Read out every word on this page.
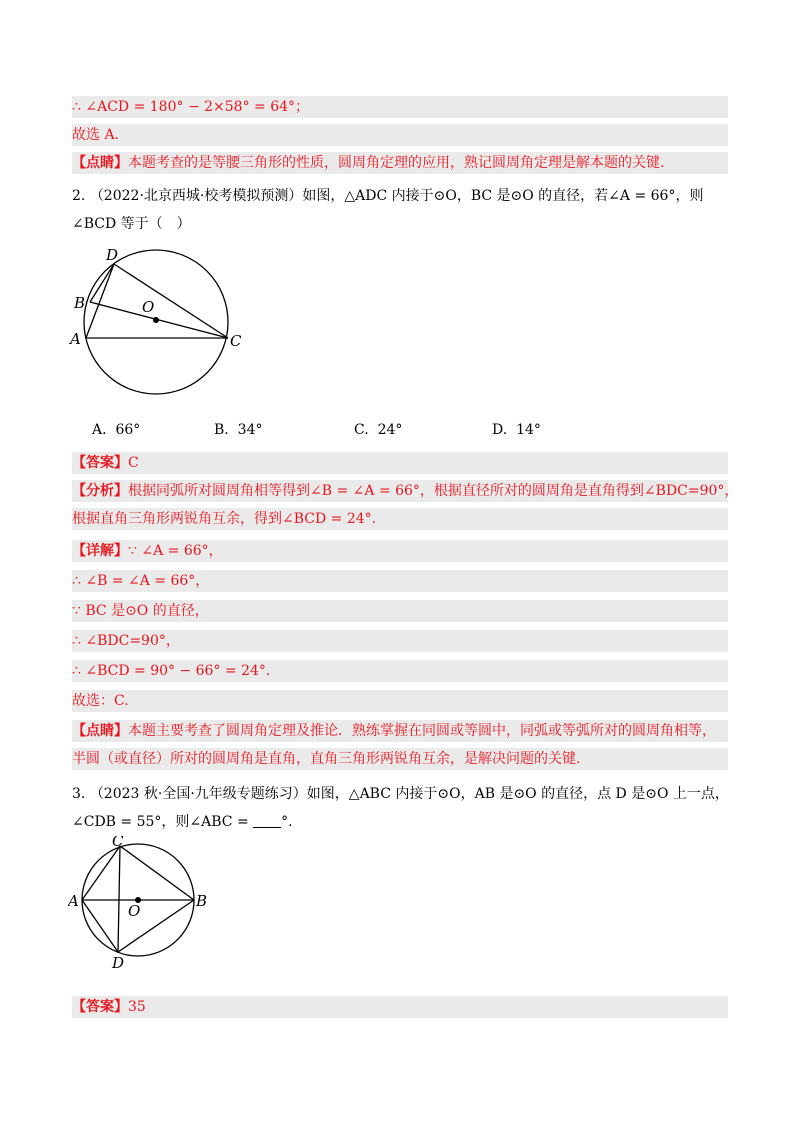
∴ ∠ACD = 180° − 2×58° = 64°；
故选 A.
【点睛】本题考查的是等腰三角形的性质，圆周角定理的应用，熟记圆周角定理是解本题的关键.
2. （2022·北京西城·校考模拟预测）如图，△ADC 内接于⊙O，BC 是⊙O 的直径，若∠A = 66°，则
∠BCD 等于（　）
D
B	O
A	C
A. 66°	B. 34°	C. 24°	D. 14°
【答案】C
【分析】根据同弧所对圆周角相等得到∠B = ∠A = 66°，根据直径所对的圆周角是直角得到∠BDC=90°，
根据直角三角形两锐角互余，得到∠BCD = 24°.
【详解】∵ ∠A = 66°，
∴ ∠B = ∠A = 66°，
∵ BC 是⊙O 的直径，
∴ ∠BDC=90°，
∴ ∠BCD = 90° − 66° = 24°.
故选：C.
【点睛】本题主要考查了圆周角定理及推论．熟练掌握在同圆或等圆中，同弧或等弧所对的圆周角相等，
半圆（或直径）所对的圆周角是直角，直角三角形两锐角互余，是解决问题的关键.
3. （2023 秋·全国·九年级专题练习）如图，△ABC 内接于⊙O，AB 是⊙O 的直径，点 D 是⊙O 上一点，
∠CDB = 55°，则∠ABC = °.
C
A
O
B
D
【答案】35
